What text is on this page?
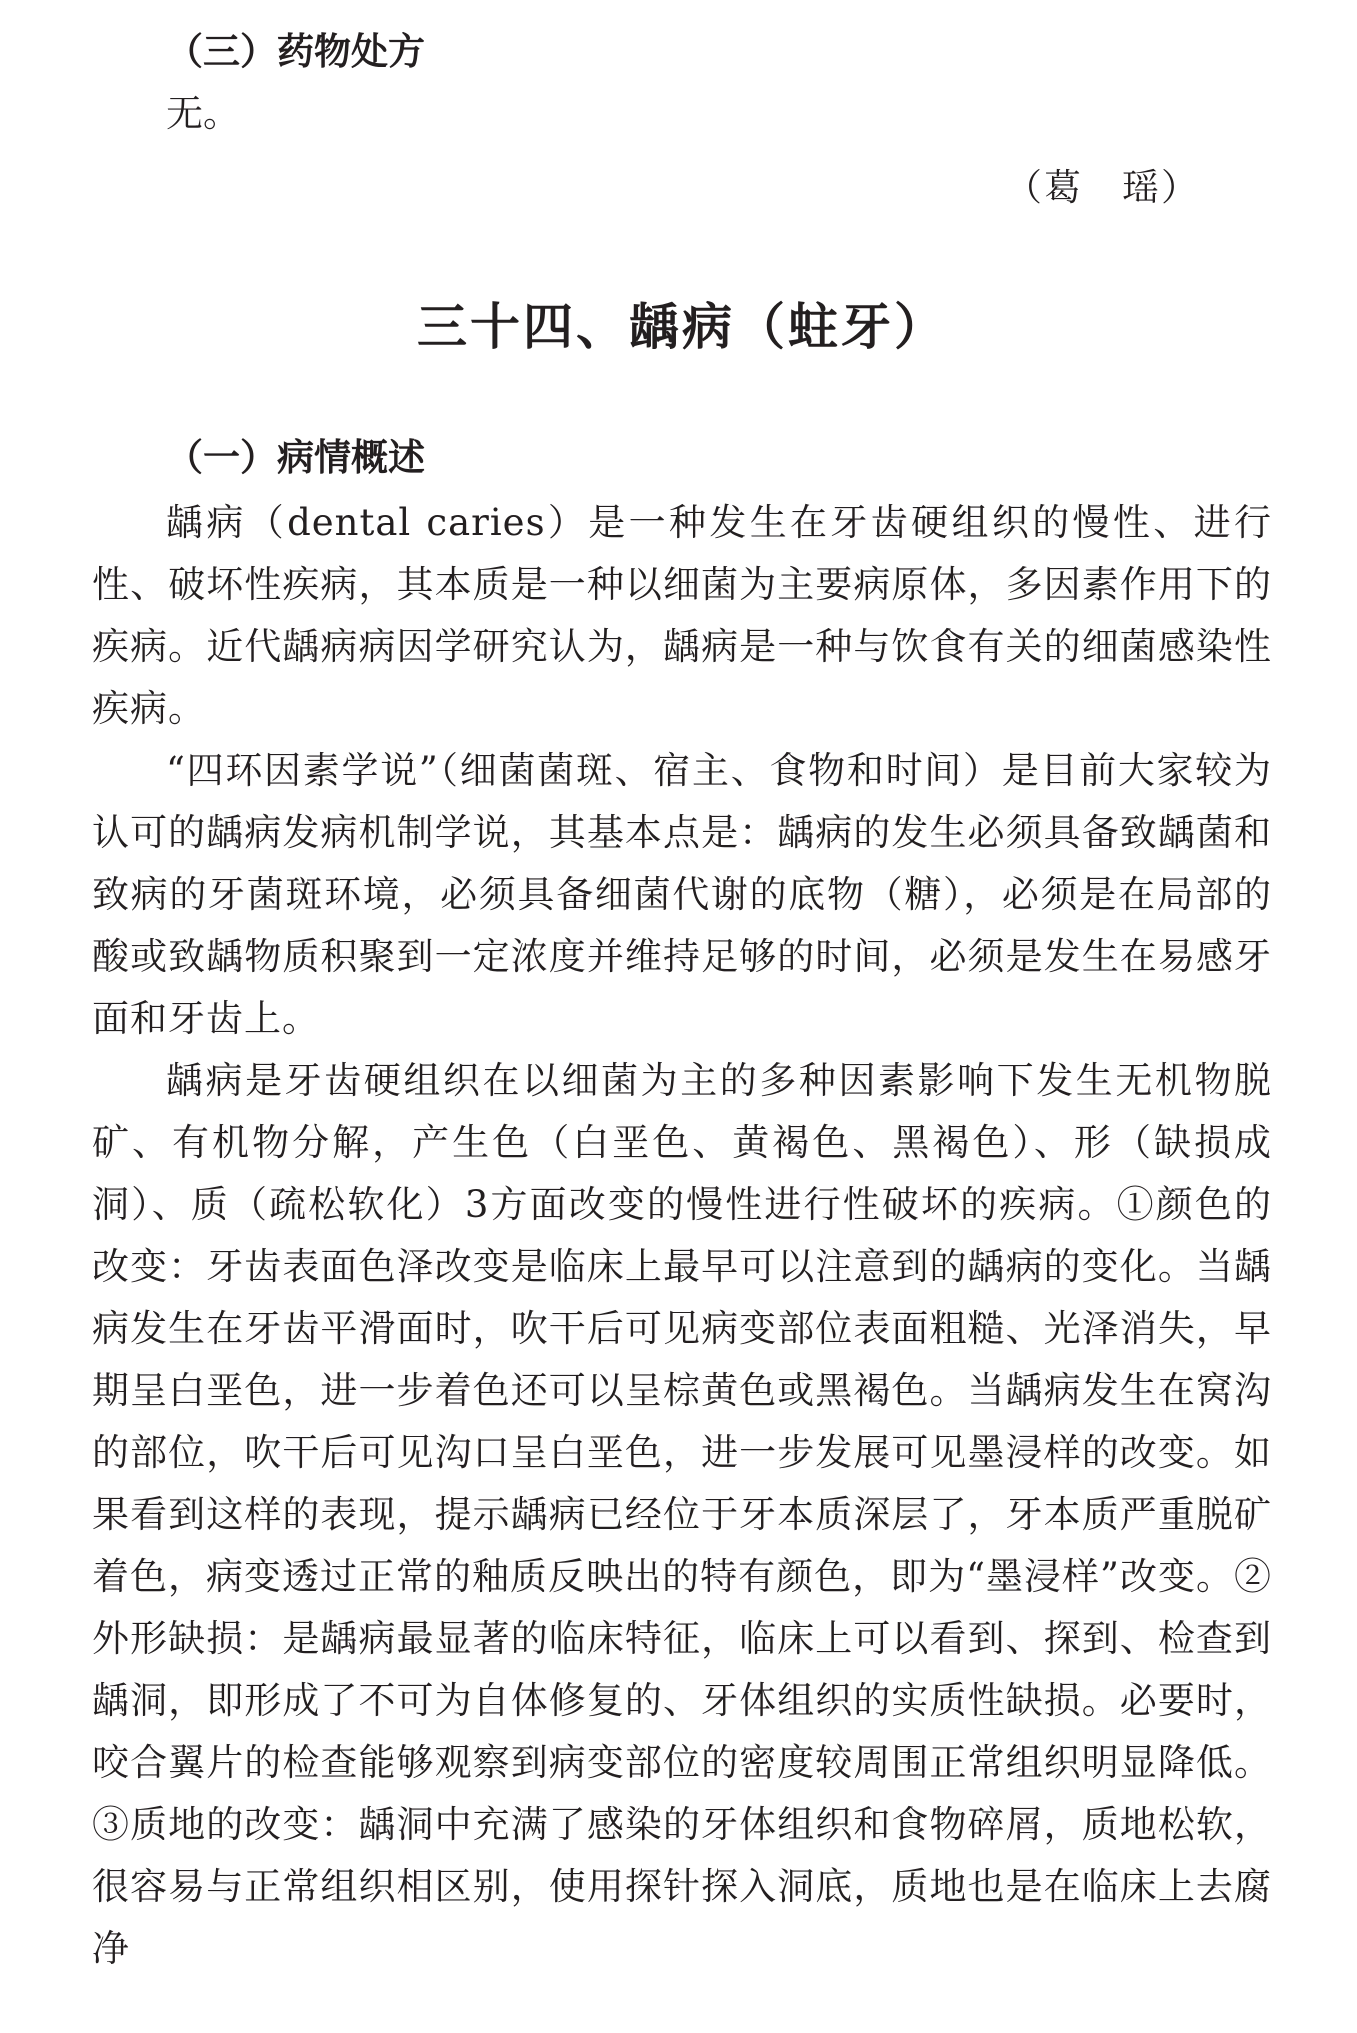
（三）药物处方

无。

（葛　瑶）

三十四、龋病（蛀牙）
（一）病情概述

龋病（dental caries）是一种发生在牙齿硬组织的慢性、进行性、破坏性疾病，其本质是一种以细菌为主要病原体，多因素作用下的疾病。近代龋病病因学研究认为，龋病是一种与饮食有关的细菌感染性疾病。

“四环因素学说”（细菌菌斑、宿主、食物和时间）是目前大家较为认可的龋病发病机制学说，其基本点是：龋病的发生必须具备致龋菌和致病的牙菌斑环境，必须具备细菌代谢的底物（糖），必须是在局部的酸或致龋物质积聚到一定浓度并维持足够的时间，必须是发生在易感牙面和牙齿上。

龋病是牙齿硬组织在以细菌为主的多种因素影响下发生无机物脱矿、有机物分解，产生色（白垩色、黄褐色、黑褐色）、形（缺损成洞）、质（疏松软化）3方面改变的慢性进行性破坏的疾病。①颜色的改变：牙齿表面色泽改变是临床上最早可以注意到的龋病的变化。当龋病发生在牙齿平滑面时，吹干后可见病变部位表面粗糙、光泽消失，早期呈白垩色，进一步着色还可以呈棕黄色或黑褐色。当龋病发生在窝沟的部位，吹干后可见沟口呈白垩色，进一步发展可见墨浸样的改变。如果看到这样的表现，提示龋病已经位于牙本质深层了，牙本质严重脱矿着色，病变透过正常的釉质反映出的特有颜色，即为“墨浸样”改变。②外形缺损：是龋病最显著的临床特征，临床上可以看到、探到、检查到龋洞，即形成了不可为自体修复的、牙体组织的实质性缺损。必要时，咬合翼片的检查能够观察到病变部位的密度较周围正常组织明显降低。③质地的改变：龋洞中充满了感染的牙体组织和食物碎屑，质地松软，很容易与正常组织相区别，使用探针探入洞底，质地也是在临床上去腐净
